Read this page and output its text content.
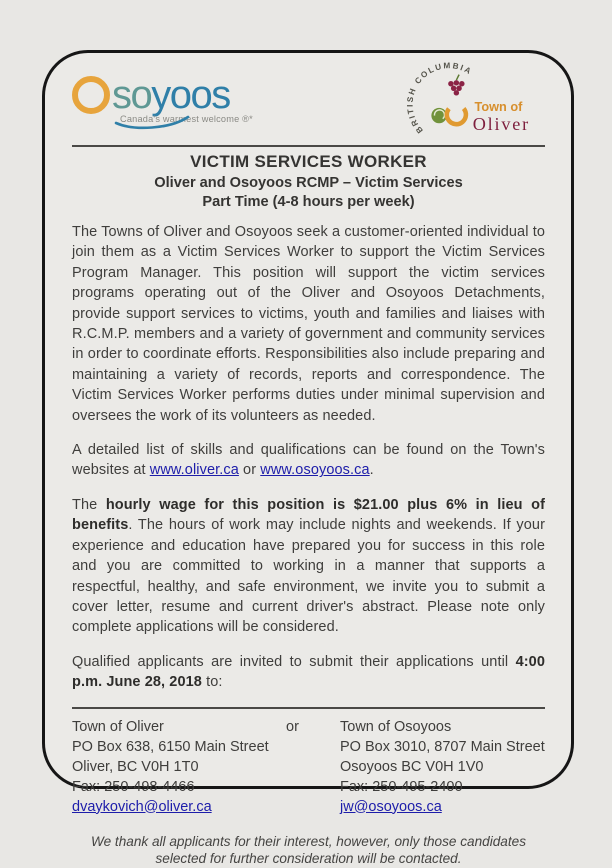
so yoos
Canada's warmest welcome ®*
BRITISH COLUMBIA
Town of
Oliver
VICTIM SERVICES WORKER
Oliver and Osoyoos RCMP – Victim Services
Part Time (4-8 hours per week)

The Towns of Oliver and Osoyoos seek a customer-oriented individual to join them as a Victim Services Worker to support the Victim Services Program Manager. This position will support the victim services programs operating out of the Oliver and Osoyoos Detachments, provide support services to victims, youth and families and liaises with R.C.M.P. members and a variety of government and community services in order to coordinate efforts. Responsibilities also include preparing and maintaining a variety of records, reports and correspondence. The Victim Services Worker performs duties under minimal supervision and oversees the work of its volunteers as needed.

A detailed list of skills and qualifications can be found on the Town's websites at www.oliver.ca or www.osoyoos.ca.

The hourly wage for this position is $21.00 plus 6% in lieu of benefits. The hours of work may include nights and weekends. If your experience and education have prepared you for success in this role and you are committed to working in a manner that supports a respectful, healthy, and safe environment, we invite you to submit a cover letter, resume and current driver's abstract. Please note only complete applications will be considered.

Qualified applicants are invited to submit their applications until 4:00 p.m. June 28, 2018 to:

Town of Oliver
PO Box 638, 6150 Main Street
Oliver, BC V0H 1T0
Fax: 250-498-4466
dvaykovich@oliver.ca
or	Town of Osoyoos
PO Box 3010, 8707 Main Street
Osoyoos BC V0H 1V0
Fax: 250-495-2400
jw@osoyoos.ca
We thank all applicants for their interest, however, only those candidates selected for further consideration will be contacted.
